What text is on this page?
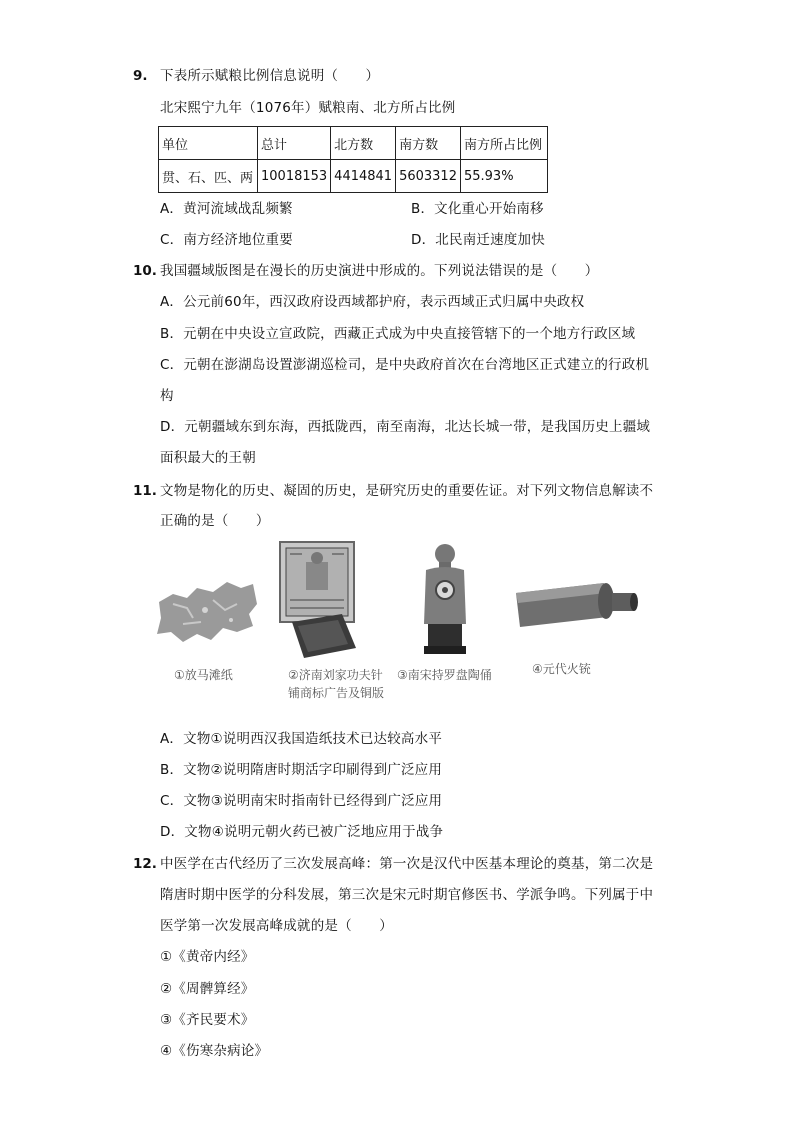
9. 下表所示赋粮比例信息说明（　　）
北宋熙宁九年（1076年）赋粮南、北方所占比例
单位	总计	北方数	南方数	南方所占比例
贯、石、匹、两	10018153	4414841	5603312	55.93%
A．黄河流域战乱频繁	B．文化重心开始南移
C．南方经济地位重要	D．北民南迁速度加快
10. 我国疆域版图是在漫长的历史演进中形成的。下列说法错误的是（　　）
A．公元前60年，西汉政府设西域都护府，表示西域正式归属中央政权
B．元朝在中央设立宣政院，西藏正式成为中央直接管辖下的一个地方行政区域
C．元朝在澎湖岛设置澎湖巡检司，是中央政府首次在台湾地区正式建立的行政机
构
D．元朝疆域东到东海，西抵陇西，南至南海，北达长城一带，是我国历史上疆域
面积最大的王朝
11. 文物是物化的历史、凝固的历史，是研究历史的重要佐证。对下列文物信息解读不
正确的是（　　）
①放马滩纸	②济南刘家功夫针铺商标广告及铜版
③南宋持罗盘陶俑	④元代火铳
A．文物①说明西汉我国造纸技术已达较高水平
B．文物②说明隋唐时期活字印刷得到广泛应用
C．文物③说明南宋时指南针已经得到广泛应用
D．文物④说明元朝火药已被广泛地应用于战争
12. 中医学在古代经历了三次发展高峰：第一次是汉代中医基本理论的奠基，第二次是
隋唐时期中医学的分科发展，第三次是宋元时期官修医书、学派争鸣。下列属于中
医学第一次发展高峰成就的是（　　）
①《黄帝内经》
②《周髀算经》
③《齐民要术》
④《伤寒杂病论》
